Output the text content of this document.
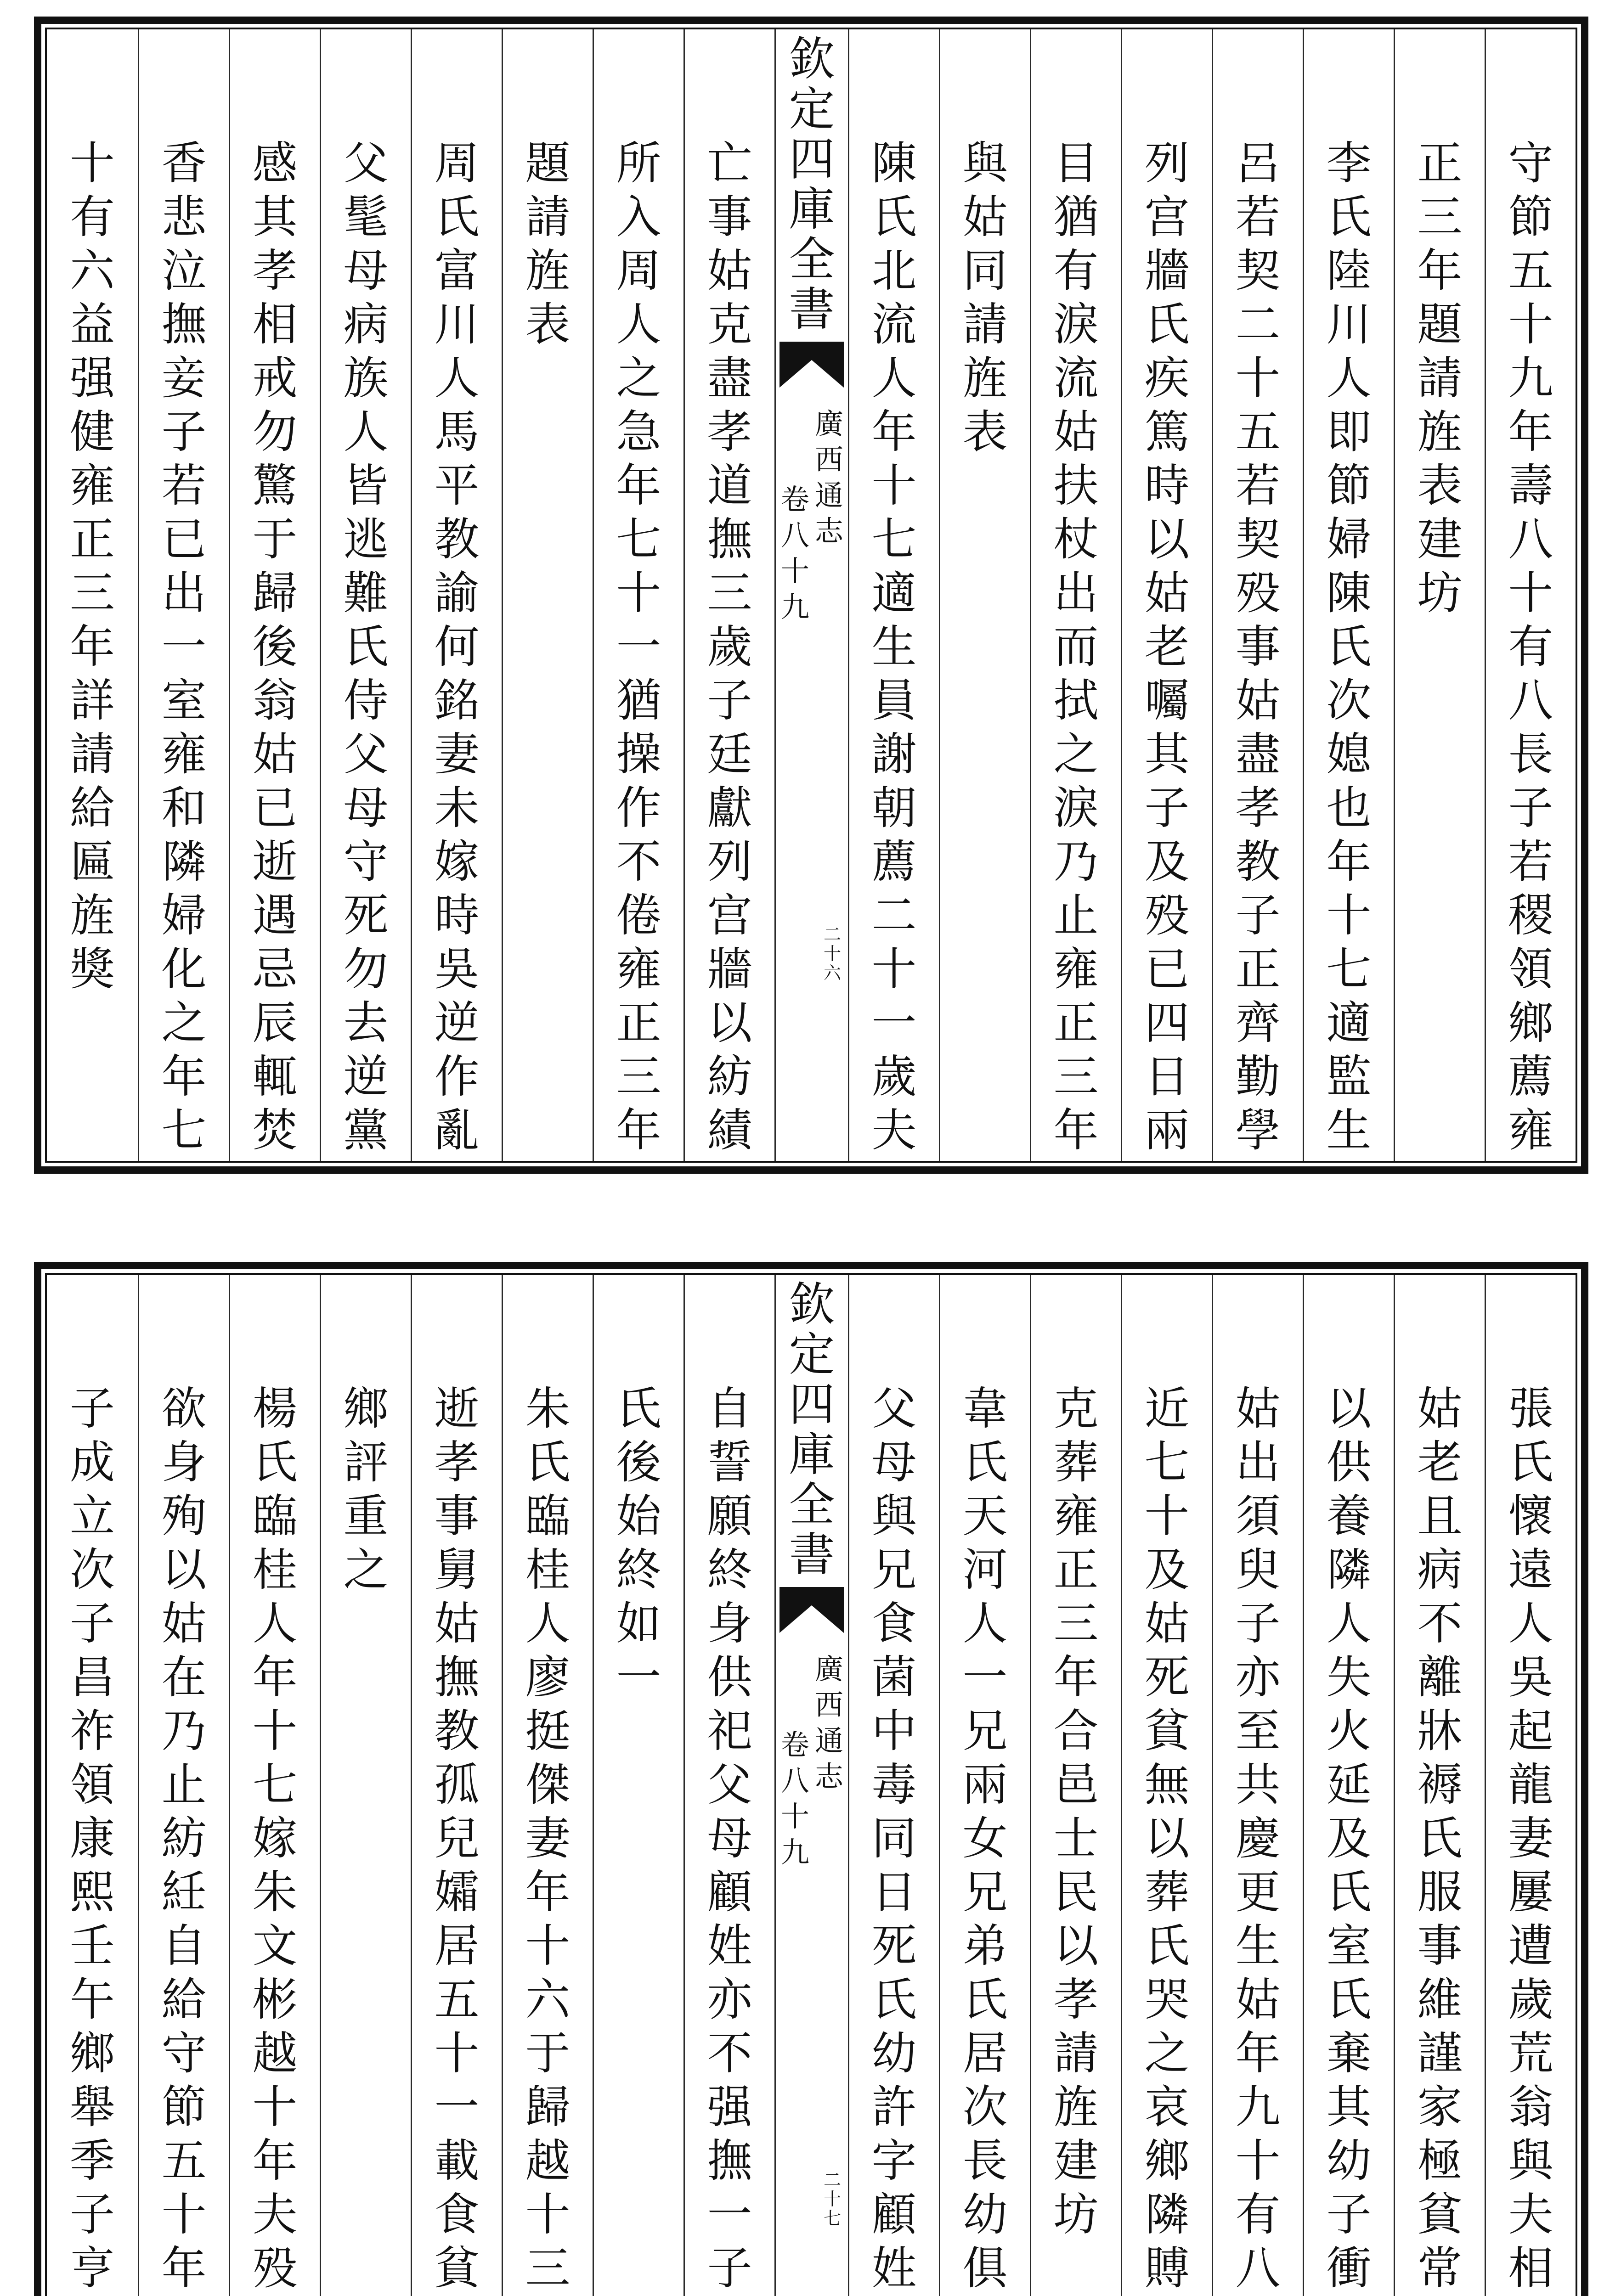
守
節
五
十
九
年
壽
八
十
有
八
長
子
若
稷
領
鄉
薦
雍
正
三
年
題
請
旌
表
建
坊
李
氏
陸
川
人
即
節
婦
陳
氏
次
媳
也
年
十
七
適
監
生
呂
若
契
二
十
五
若
契
殁
事
姑
盡
孝
教
子
正
齊
勤
學
列
宫
牆
氏
疾
篤
時
以
姑
老
囑
其
子
及
殁
已
四
日
兩
目
猶
有
淚
流
姑
扶
杖
出
而
拭
之
淚
乃
止
雍
正
三
年
與
姑
同
請
旌
表
陳
氏
北
流
人
年
十
七
適
生
員
謝
朝
薦
二
十
一
歲
夫
欽
定
四
庫
全
書
廣
西
通
志
卷
八
十
九
二
十
六
亡
事
姑
克
盡
孝
道
撫
三
歲
子
廷
獻
列
宫
牆
以
紡
績
所
入
周
人
之
急
年
七
十
一
猶
操
作
不
倦
雍
正
三
年
題
請
旌
表
周
氏
富
川
人
馬
平
教
諭
何
銘
妻
未
嫁
時
吳
逆
作
亂
父
髦
母
病
族
人
皆
逃
難
氏
侍
父
母
守
死
勿
去
逆
黨
感
其
孝
相
戒
勿
驚
于
歸
後
翁
姑
已
逝
遇
忌
辰
輒
焚
香
悲
泣
撫
妾
子
若
已
出
一
室
雍
和
隣
婦
化
之
年
七
十
有
六
益
强
健
雍
正
三
年
詳
請
給
匾
旌
獎
張
氏
懷
遠
人
吳
起
龍
妻
屢
遭
歲
荒
翁
與
夫
相
姑
老
且
病
不
離
牀
褥
氏
服
事
維
謹
家
極
貧
常
以
供
養
隣
人
失
火
延
及
氏
室
氏
棄
其
幼
子
衝
姑
出
須
臾
子
亦
至
共
慶
更
生
姑
年
九
十
有
八
近
七
十
及
姑
死
貧
無
以
葬
氏
哭
之
哀
鄉
隣
賻
克
葬
雍
正
三
年
合
邑
士
民
以
孝
請
旌
建
坊
韋
氏
天
河
人
一
兄
兩
女
兄
弟
氏
居
次
長
幼
俱
父
母
與
兄
食
菌
中
毒
同
日
死
氏
幼
許
字
顧
姓
欽
定
四
庫
全
書
廣
西
通
志
卷
八
十
九
二
十
七
自
誓
願
終
身
供
祀
父
母
顧
姓
亦
不
强
撫
一
子
氏
後
始
終
如
一
朱
氏
臨
桂
人
廖
挺
傑
妻
年
十
六
于
歸
越
十
三
逝
孝
事
舅
姑
撫
教
孤
兒
孀
居
五
十
一
載
食
貧
鄉
評
重
之
楊
氏
臨
桂
人
年
十
七
嫁
朱
文
彬
越
十
年
夫
殁
欲
身
殉
以
姑
在
乃
止
紡
紝
自
給
守
節
五
十
年
子
成
立
次
子
昌
祚
領
康
熙
壬
午
鄉
舉
季
子
亨
